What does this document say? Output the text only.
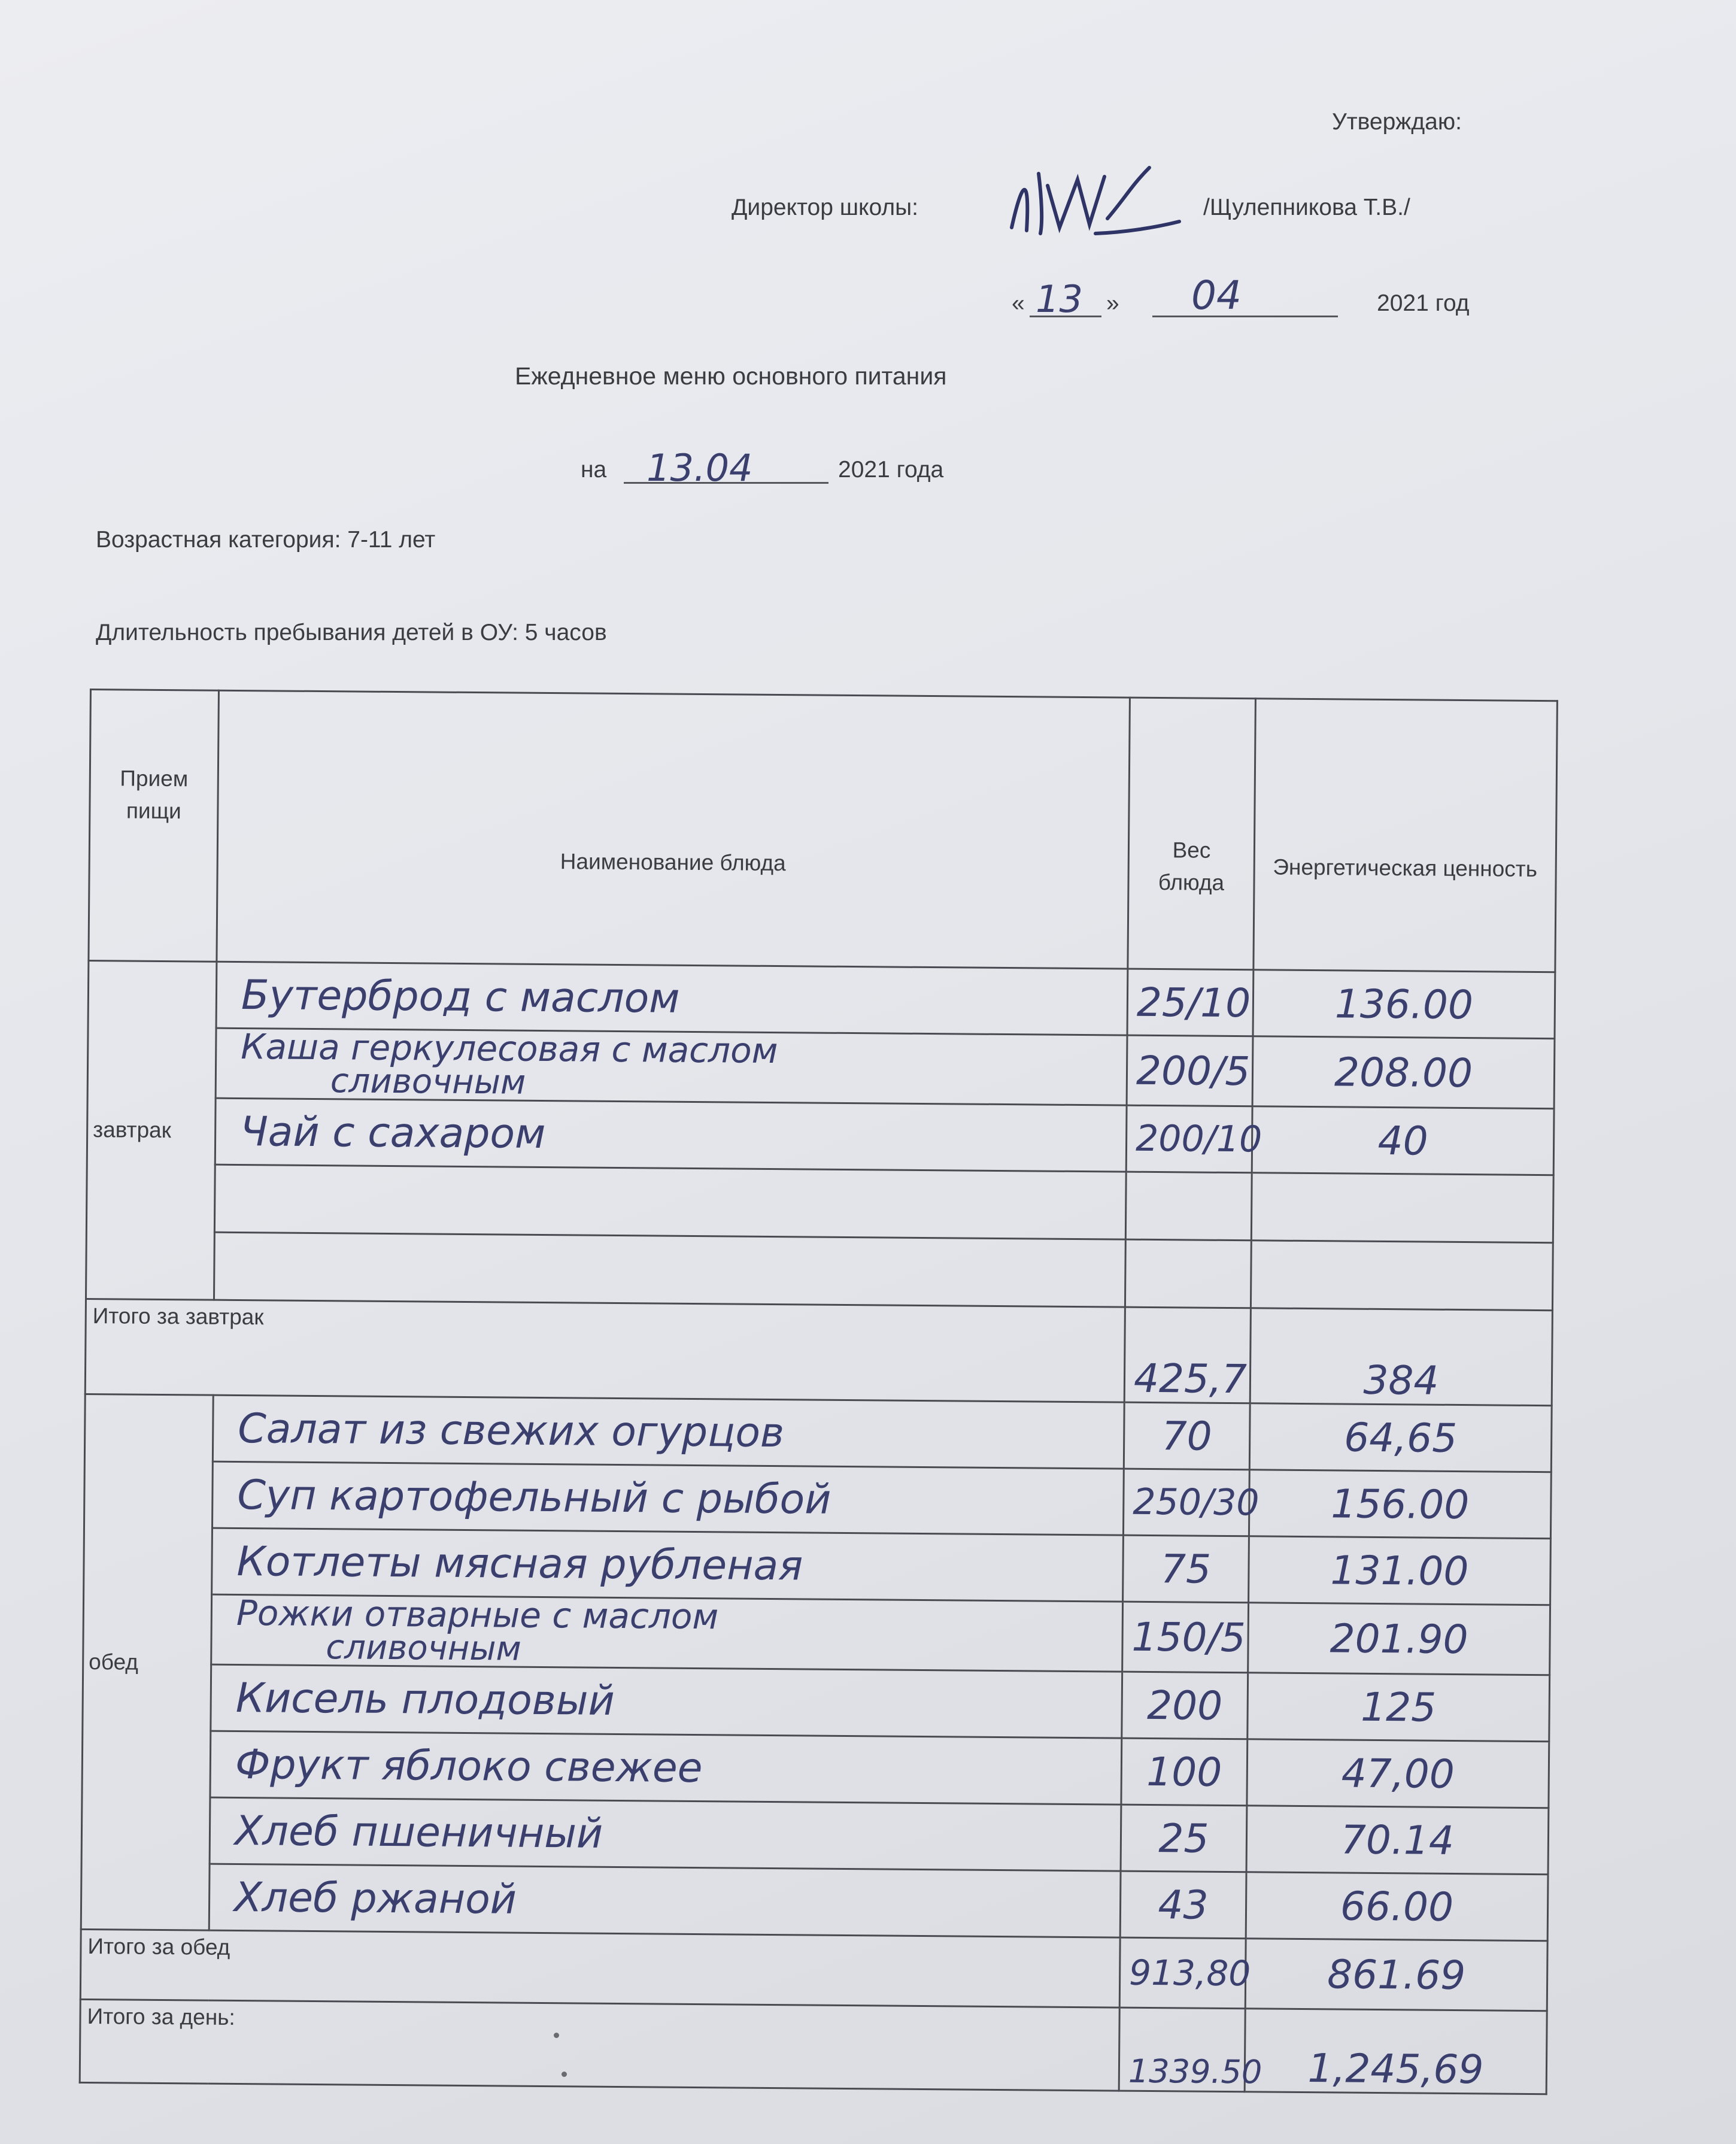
Утверждаю:
Директор школы:	/Щулепникова Т.В./
« 13 » 04	2021 год
Ежедневное меню основного питания
на 13.04	2021 года
Возрастная категория: 7-11 лет
Длительность пребывания детей в ОУ: 5 часов
Прием пищи	Наименование блюда	Вес блюда	Энергетическая ценность
завтрак	Бутерброд с маслом	25/10	136.00
	Каша геркулесовая с маслом
сливочным	200/5	208.00
	Чай с сахаром	200/10	40

Итого за завтрак		425,7	384
обед	Салат из свежих огурцов	70	64,65
	Суп картофельный с рыбой	250/30	156.00
	Котлеты мясная рубленая	75	131.00
	Рожки отварные с маслом
сливочным	150/5	201.90
	Кисель плодовый	200	125
	Фрукт яблоко свежее	100	47,00
	Хлеб пшеничный	25	70.14
	Хлеб ржаной	43	66.00
Итого за обед		913,80	861.69
Итого за день:		1339.50	1,245,69
